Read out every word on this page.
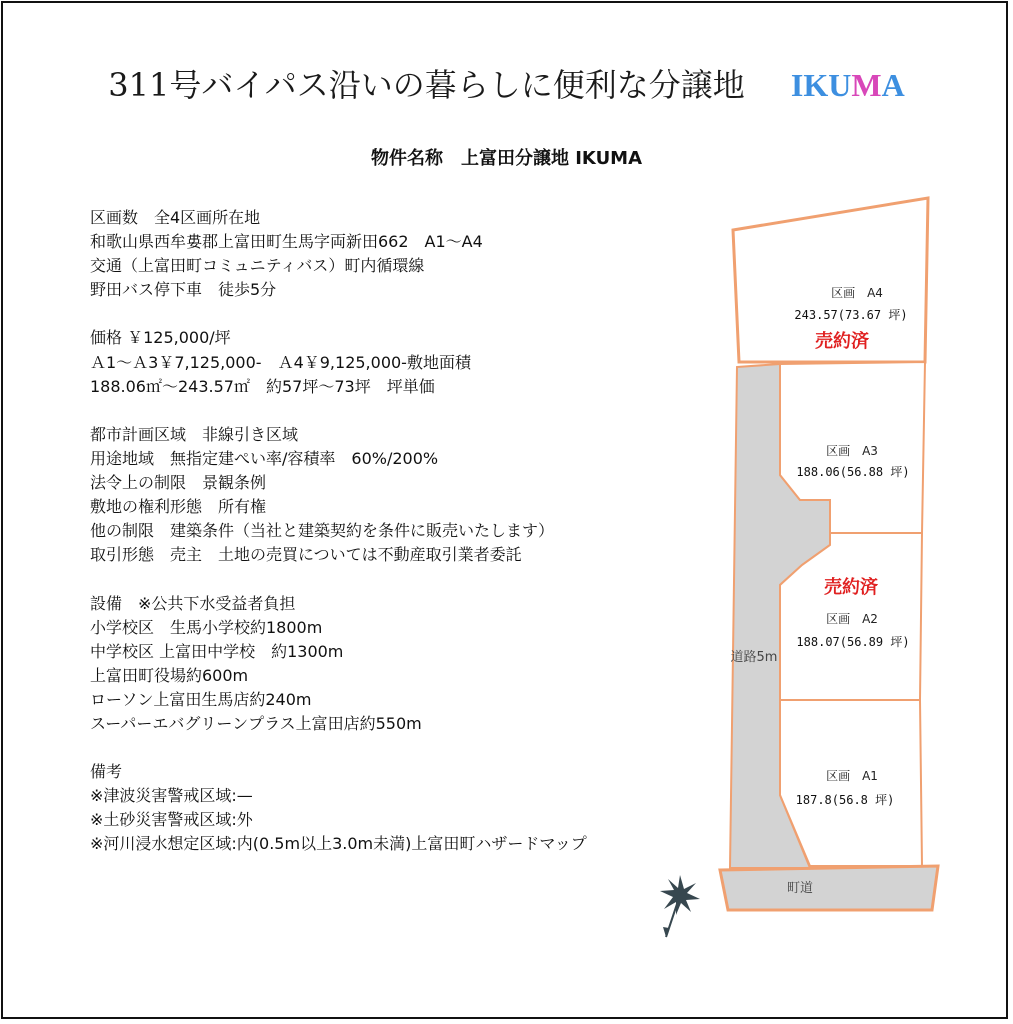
311号バイパス沿いの暮らしに便利な分譲地 IKUMA
物件名称　上富田分譲地 IKUMA
区画数　全4区画所在地
和歌山県西牟婁郡上富田町生馬字両新田662　A1～A4
交通（上富田町コミュニティバス）町内循環線
野田バス停下車　徒歩5分
価格 ￥125,000/坪
Ａ1～Ａ3￥7,125,000-　Ａ4￥9,125,000-敷地面積
188.06㎡～243.57㎡　約57坪～73坪　坪単価
都市計画区域　非線引き区域
用途地域　無指定建ぺい率/容積率　60%/200%
法令上の制限　景観条例
敷地の権利形態　所有権
他の制限　建築条件（当社と建築契約を条件に販売いたします）
取引形態　売主　土地の売買については不動産取引業者委託
設備　※公共下水受益者負担
小学校区　生馬小学校約1800m
中学校区 上富田中学校　約1300m
上富田町役場約600m
ローソン上富田生馬店約240m
スーパーエバグリーンプラス上富田店約550m
備考
※津波災害警戒区域:—
※土砂災害警戒区域:外
※河川浸水想定区域:内(0.5m以上3.0m未満)上富田町ハザードマップ
区画　A4
243.57(73.67 坪)
売約済
区画　A3
188.06(56.88 坪)
売約済
区画　A2
188.07(56.89 坪)
区画　A1
187.8(56.8 坪)
道路5m
町道
